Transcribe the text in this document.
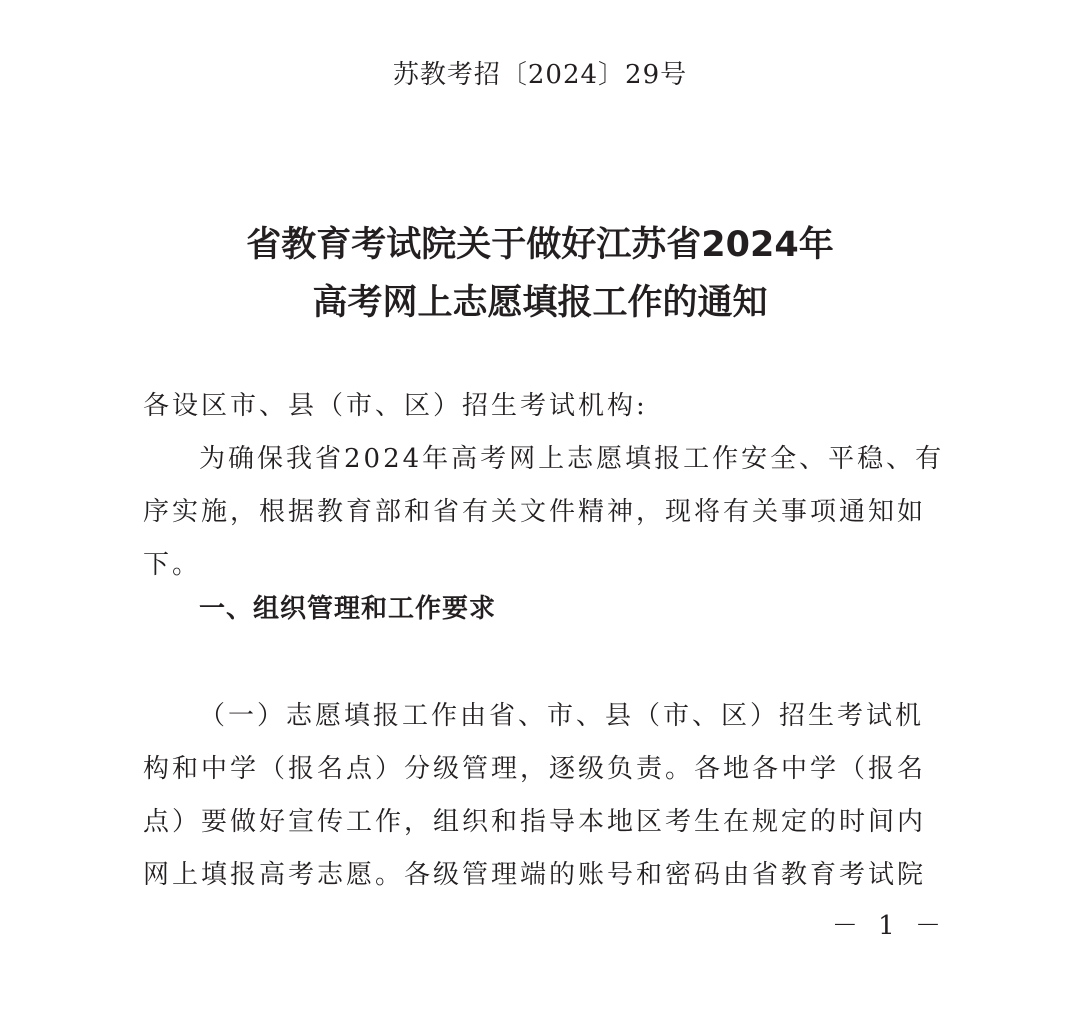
苏教考招〔2024〕29号
省教育考试院关于做好江苏省2024年
高考网上志愿填报工作的通知
各设区市、县（市、区）招生考试机构:
为确保我省2024年高考网上志愿填报工作安全、平稳、有
序实施，根据教育部和省有关文件精神，现将有关事项通知如
下。
一、组织管理和工作要求
（一）志愿填报工作由省、市、县（市、区）招生考试机
构和中学（报名点）分级管理，逐级负责。各地各中学（报名
点）要做好宣传工作，组织和指导本地区考生在规定的时间内
网上填报高考志愿。各级管理端的账号和密码由省教育考试院
－ 1 －
